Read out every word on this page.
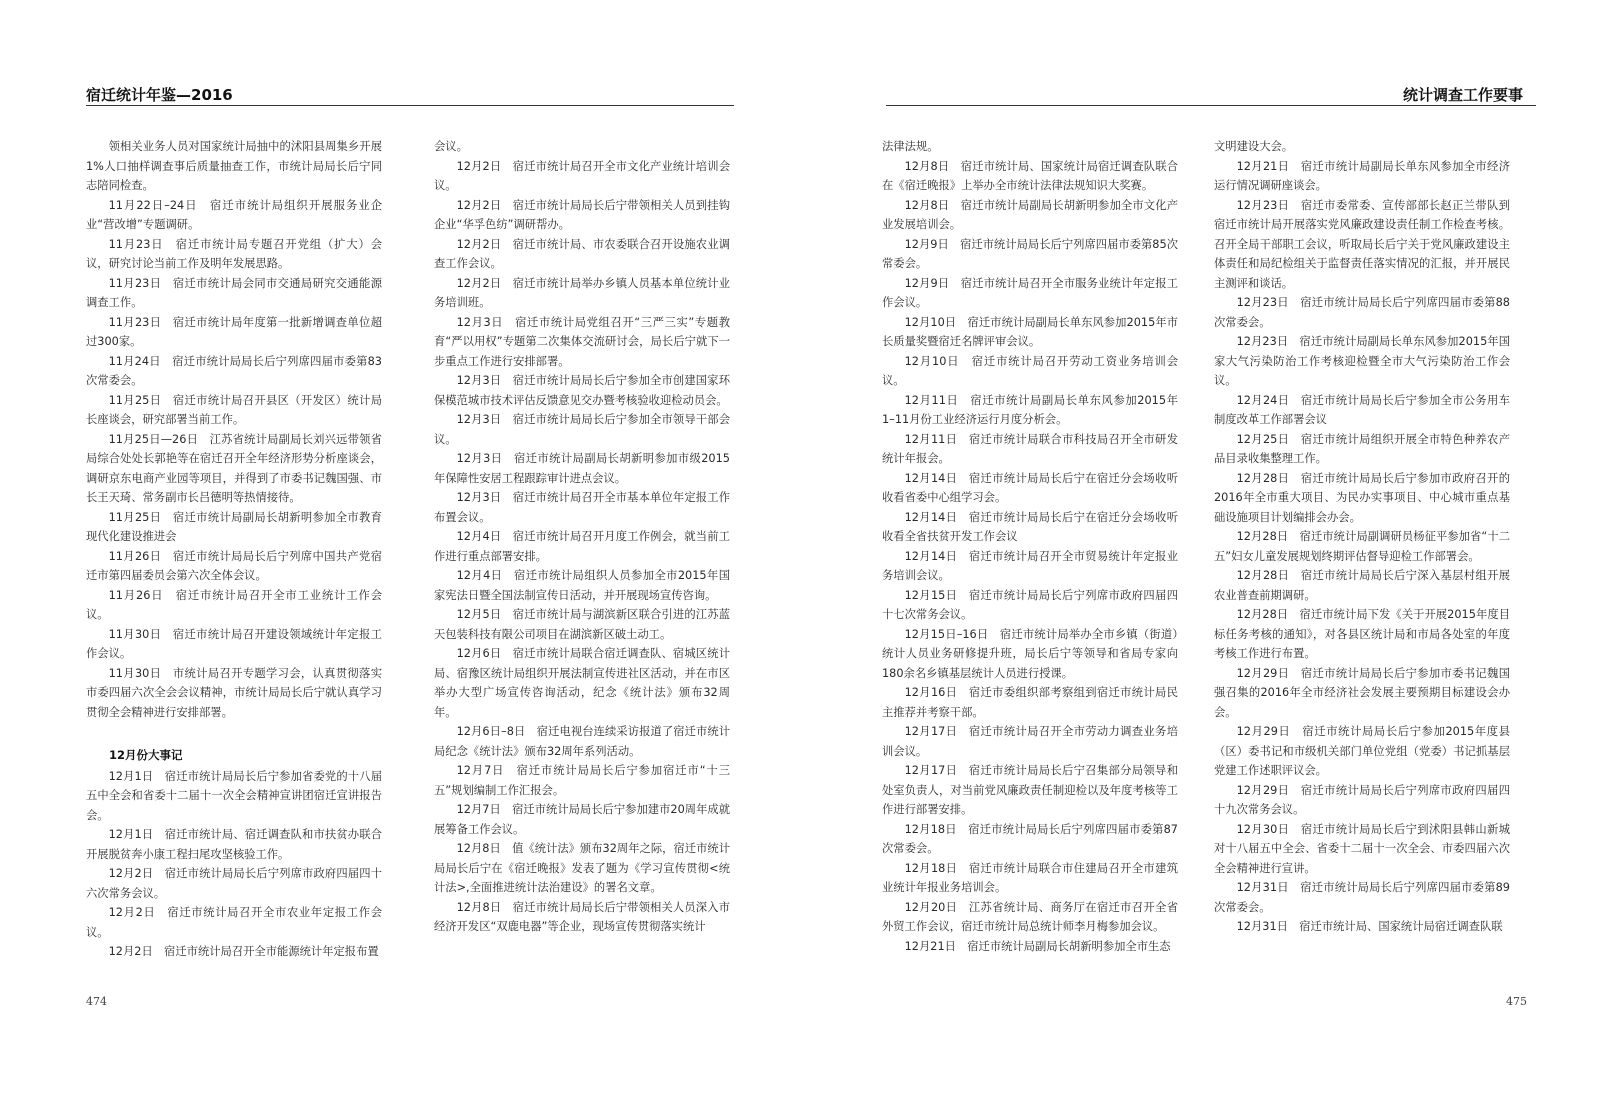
宿迁统计年鉴—2016

领相关业务人员对国家统计局抽中的沭阳县周集乡开展1%人口抽样调查事后质量抽查工作，市统计局局长后宁同志陪同检查。

11月22日–24日　宿迁市统计局组织开展服务业企业“营改增”专题调研。

11月23日　宿迁市统计局专题召开党组（扩大）会议，研究讨论当前工作及明年发展思路。

11月23日　宿迁市统计局会同市交通局研究交通能源调查工作。

11月23日　宿迁市统计局年度第一批新增调查单位超过300家。

11月24日　宿迁市统计局局长后宁列席四届市委第83次常委会。

11月25日　宿迁市统计局召开县区（开发区）统计局长座谈会，研究部署当前工作。

11月25日—26日　江苏省统计局副局长刘兴远带领省局综合处处长郭艳等在宿迁召开全年经济形势分析座谈会，调研京东电商产业园等项目，并得到了市委书记魏国强、市长王天琦、常务副市长吕德明等热情接待。

11月25日　宿迁市统计局副局长胡新明参加全市教育现代化建设推进会

11月26日　宿迁市统计局局长后宁列席中国共产党宿迁市第四届委员会第六次全体会议。

11月26日　宿迁市统计局召开全市工业统计工作会议。

11月30日　宿迁市统计局召开建设领域统计年定报工作会议。

11月30日　市统计局召开专题学习会，认真贯彻落实市委四届六次全会会议精神，市统计局局长后宁就认真学习贯彻全会精神进行安排部署。

12月份大事记

12月1日　宿迁市统计局局长后宁参加省委党的十八届五中全会和省委十二届十一次全会精神宣讲团宿迁宣讲报告会。

12月1日　宿迁市统计局、宿迁调查队和市扶贫办联合开展脱贫奔小康工程扫尾攻坚核验工作。

12月2日　宿迁市统计局局长后宁列席市政府四届四十六次常务会议。

12月2日　宿迁市统计局召开全市农业年定报工作会议。

12月2日　宿迁市统计局召开全市能源统计年定报布置

会议。

12月2日　宿迁市统计局召开全市文化产业统计培训会议。

12月2日　宿迁市统计局局长后宁带领相关人员到挂钩企业“华孚色纺”调研帮办。

12月2日　宿迁市统计局、市农委联合召开设施农业调查工作会议。

12月2日　宿迁市统计局举办乡镇人员基本单位统计业务培训班。

12月3日　宿迁市统计局党组召开“三严三实”专题教育“严以用权”专题第二次集体交流研讨会，局长后宁就下一步重点工作进行安排部署。

12月3日　宿迁市统计局局长后宁参加全市创建国家环保模范城市技术评估反馈意见交办暨考核验收迎检动员会。

12月3日　宿迁市统计局局长后宁参加全市领导干部会议。

12月3日　宿迁市统计局副局长胡新明参加市级2015年保障性安居工程跟踪审计进点会议。

12月3日　宿迁市统计局召开全市基本单位年定报工作布置会议。

12月4日　宿迁市统计局召开月度工作例会，就当前工作进行重点部署安排。

12月4日　宿迁市统计局组织人员参加全市2015年国家宪法日暨全国法制宣传日活动，并开展现场宣传咨询。

12月5日　宿迁市统计局与湖滨新区联合引进的江苏蓝天包装科技有限公司项目在湖滨新区破土动工。

12月6日　宿迁市统计局联合宿迁调查队、宿城区统计局、宿豫区统计局组织开展法制宣传进社区活动，并在市区举办大型广场宣传咨询活动，纪念《统计法》颁布32周年。

12月6日–8日　宿迁电视台连续采访报道了宿迁市统计局纪念《统计法》颁布32周年系列活动。

12月7日　宿迁市统计局局长后宁参加宿迁市“十三五”规划编制工作汇报会。

12月7日　宿迁市统计局局长后宁参加建市20周年成就展筹备工作会议。

12月8日　值《统计法》颁布32周年之际，宿迁市统计局局长后宁在《宿迁晚报》发表了题为《学习宣传贯彻<统计法>,全面推进统计法治建设》的署名文章。

12月8日　宿迁市统计局局长后宁带领相关人员深入市经济开发区“双鹿电器”等企业，现场宣传贯彻落实统计

474
统计调查工作要事

法律法规。

12月8日　宿迁市统计局、国家统计局宿迁调查队联合在《宿迁晚报》上举办全市统计法律法规知识大奖赛。

12月8日　宿迁市统计局副局长胡新明参加全市文化产业发展培训会。

12月9日　宿迁市统计局局长后宁列席四届市委第85次常委会。

12月9日　宿迁市统计局召开全市服务业统计年定报工作会议。

12月10日　宿迁市统计局副局长单东风参加2015年市长质量奖暨宿迁名牌评审会议。

12月10日　宿迁市统计局召开劳动工资业务培训会议。

12月11日　宿迁市统计局副局长单东风参加2015年1–11月份工业经济运行月度分析会。

12月11日　宿迁市统计局联合市科技局召开全市研发统计年报会。

12月14日　宿迁市统计局局长后宁在宿迁分会场收听收看省委中心组学习会。

12月14日　宿迁市统计局局长后宁在宿迁分会场收听收看全省扶贫开发工作会议

12月14日　宿迁市统计局召开全市贸易统计年定报业务培训会议。

12月15日　宿迁市统计局局长后宁列席市政府四届四十七次常务会议。

12月15日–16日　宿迁市统计局举办全市乡镇（街道）统计人员业务研修提升班，局长后宁等领导和省局专家向180余名乡镇基层统计人员进行授课。

12月16日　宿迁市委组织部考察组到宿迁市统计局民主推荐并考察干部。

12月17日　宿迁市统计局召开全市劳动力调查业务培训会议。

12月17日　宿迁市统计局局长后宁召集部分局领导和处室负责人，对当前党风廉政责任制迎检以及年度考核等工作进行部署安排。

12月18日　宿迁市统计局局长后宁列席四届市委第87次常委会。

12月18日　宿迁市统计局联合市住建局召开全市建筑业统计年报业务培训会。

12月20日　江苏省统计局、商务厅在宿迁市召开全省外贸工作会议，宿迁市统计局总统计师李月梅参加会议。

12月21日　宿迁市统计局副局长胡新明参加全市生态

文明建设大会。

12月21日　宿迁市统计局副局长单东风参加全市经济运行情况调研座谈会。

12月23日　宿迁市委常委、宣传部部长赵正兰带队到宿迁市统计局开展落实党风廉政建设责任制工作检查考核。召开全局干部职工会议，听取局长后宁关于党风廉政建设主体责任和局纪检组关于监督责任落实情况的汇报，并开展民主测评和谈话。

12月23日　宿迁市统计局局长后宁列席四届市委第88次常委会。

12月23日　宿迁市统计局副局长单东风参加2015年国家大气污染防治工作考核迎检暨全市大气污染防治工作会议。

12月24日　宿迁市统计局局长后宁参加全市公务用车制度改革工作部署会议

12月25日　宿迁市统计局组织开展全市特色种养农产品目录收集整理工作。

12月28日　宿迁市统计局局长后宁参加市政府召开的2016年全市重大项目、为民办实事项目、中心城市重点基础设施项目计划编排会办会。

12月28日　宿迁市统计局副调研员杨征平参加省“十二五”妇女儿童发展规划终期评估督导迎检工作部署会。

12月28日　宿迁市统计局局长后宁深入基层村组开展农业普查前期调研。

12月28日　宿迁市统计局下发《关于开展2015年度目标任务考核的通知》，对各县区统计局和市局各处室的年度考核工作进行布置。

12月29日　宿迁市统计局局长后宁参加市委书记魏国强召集的2016年全市经济社会发展主要预期目标建设会办会。

12月29日　宿迁市统计局局长后宁参加2015年度县（区）委书记和市级机关部门单位党组（党委）书记抓基层党建工作述职评议会。

12月29日　宿迁市统计局局长后宁列席市政府四届四十九次常务会议。

12月30日　宿迁市统计局局长后宁到沭阳县韩山新城对十八届五中全会、省委十二届十一次全会、市委四届六次全会精神进行宣讲。

12月31日　宿迁市统计局局长后宁列席四届市委第89次常委会。

12月31日　宿迁市统计局、国家统计局宿迁调查队联

475
